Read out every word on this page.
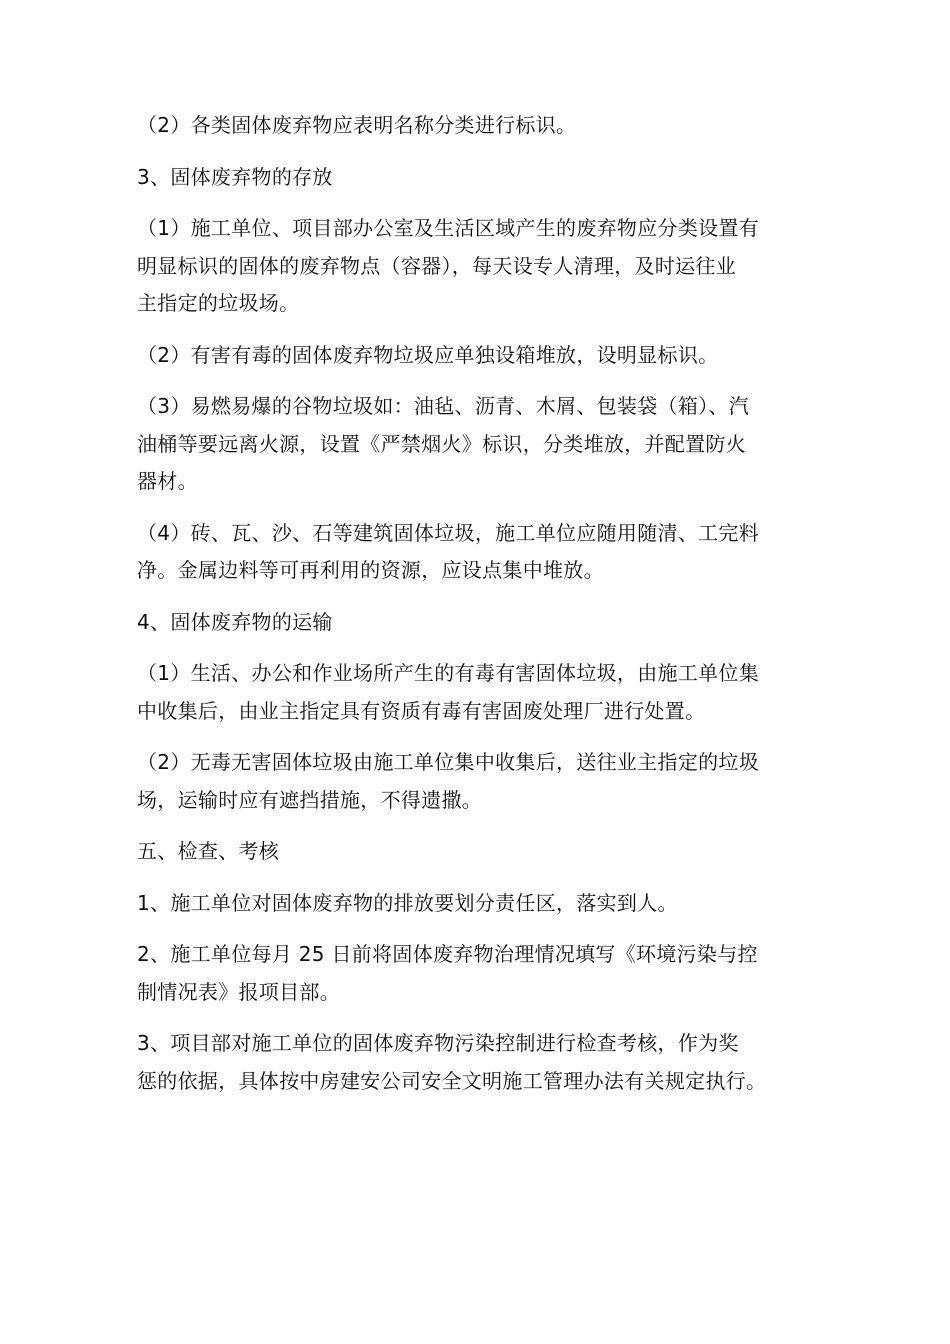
（2）各类固体废弃物应表明名称分类进行标识。

3、固体废弃物的存放

（1）施工单位、项目部办公室及生活区域产生的废弃物应分类设置有
明显标识的固体的废弃物点（容器），每天设专人清理，及时运往业
主指定的垃圾场。

（2）有害有毒的固体废弃物垃圾应单独设箱堆放，设明显标识。

（3）易燃易爆的谷物垃圾如：油毡、沥青、木屑、包装袋（箱）、汽
油桶等要远离火源，设置《严禁烟火》标识，分类堆放，并配置防火
器材。

（4）砖、瓦、沙、石等建筑固体垃圾，施工单位应随用随清、工完料
净。金属边料等可再利用的资源，应设点集中堆放。

4、固体废弃物的运输

（1）生活、办公和作业场所产生的有毒有害固体垃圾，由施工单位集
中收集后，由业主指定具有资质有毒有害固废处理厂进行处置。

（2）无毒无害固体垃圾由施工单位集中收集后，送往业主指定的垃圾
场，运输时应有遮挡措施，不得遗撒。

五、检查、考核

1、施工单位对固体废弃物的排放要划分责任区，落实到人。

2、施工单位每月 25 日前将固体废弃物治理情况填写《环境污染与控
制情况表》报项目部。

3、项目部对施工单位的固体废弃物污染控制进行检查考核，作为奖
惩的依据，具体按中房建安公司安全文明施工管理办法有关规定执行。
